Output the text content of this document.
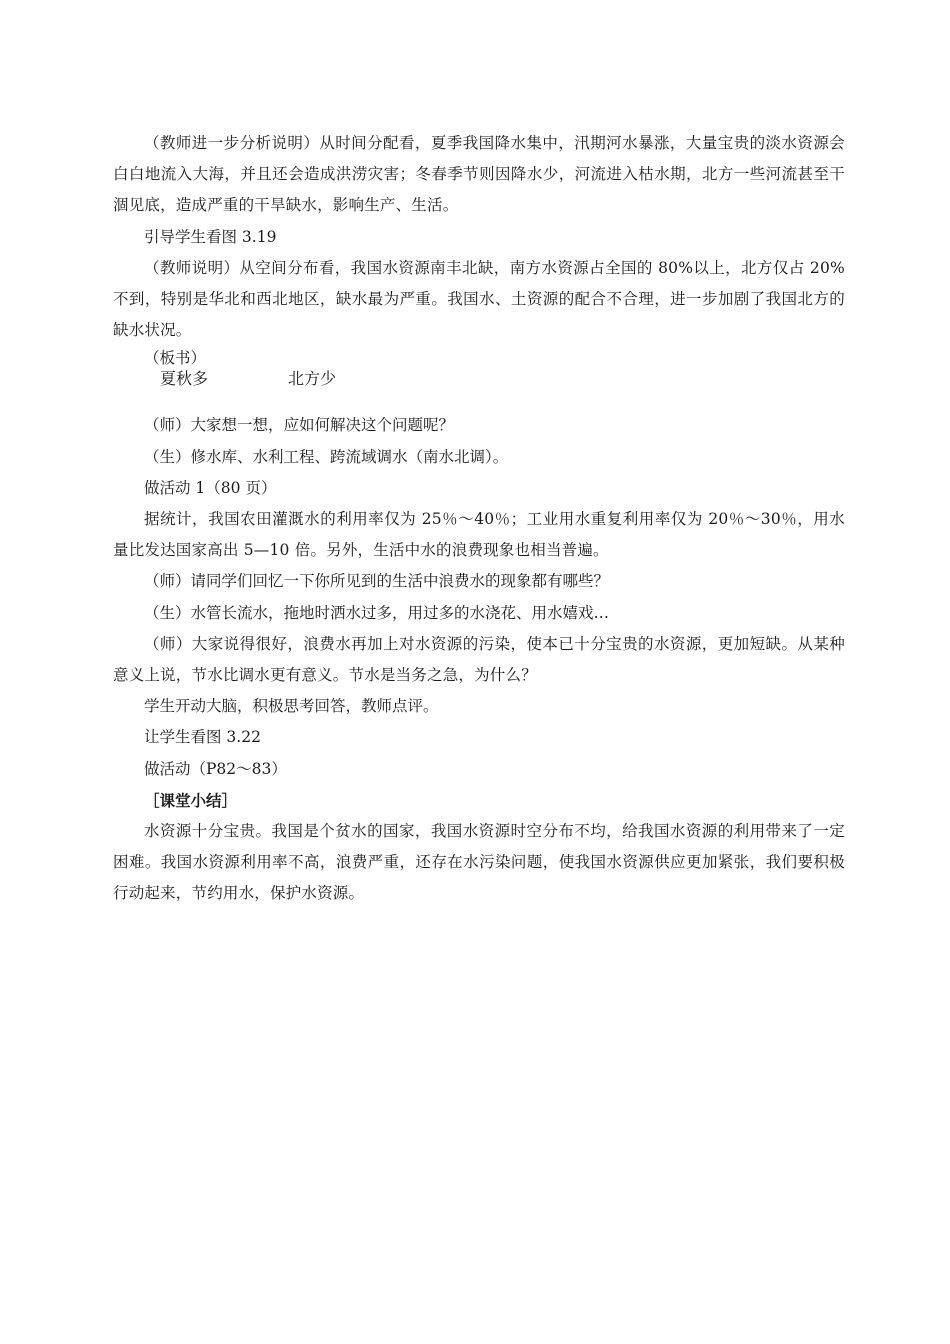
（教师进一步分析说明）从时间分配看，夏季我国降水集中，汛期河水暴涨，大量宝贵的淡水资源会白白地流入大海，并且还会造成洪涝灾害；冬春季节则因降水少，河流进入枯水期，北方一些河流甚至干涸见底，造成严重的干旱缺水，影响生产、生活。

引导学生看图 3.19

（教师说明）从空间分布看，我国水资源南丰北缺，南方水资源占全国的 80%以上，北方仅占 20%不到，特别是华北和西北地区，缺水最为严重。我国水、土资源的配合不合理，进一步加剧了我国北方的缺水状况。

（板书）

夏秋多	北方少

（师）大家想一想，应如何解决这个问题呢？

（生）修水库、水利工程、跨流域调水（南水北调）。

做活动 1（80 页）

据统计，我国农田灌溉水的利用率仅为 25％～40％；工业用水重复利用率仅为 20％～30％，用水量比发达国家高出 5—10 倍。另外，生活中水的浪费现象也相当普遍。

（师）请同学们回忆一下你所见到的生活中浪费水的现象都有哪些？

（生）水管长流水，拖地时洒水过多，用过多的水浇花、用水嬉戏…

（师）大家说得很好，浪费水再加上对水资源的污染，使本已十分宝贵的水资源，更加短缺。从某种意义上说，节水比调水更有意义。节水是当务之急，为什么？

学生开动大脑，积极思考回答，教师点评。

让学生看图 3.22

做活动（P82～83）

［课堂小结］

水资源十分宝贵。我国是个贫水的国家，我国水资源时空分布不均，给我国水资源的利用带来了一定困难。我国水资源利用率不高，浪费严重，还存在水污染问题，使我国水资源供应更加紧张，我们要积极行动起来，节约用水，保护水资源。
